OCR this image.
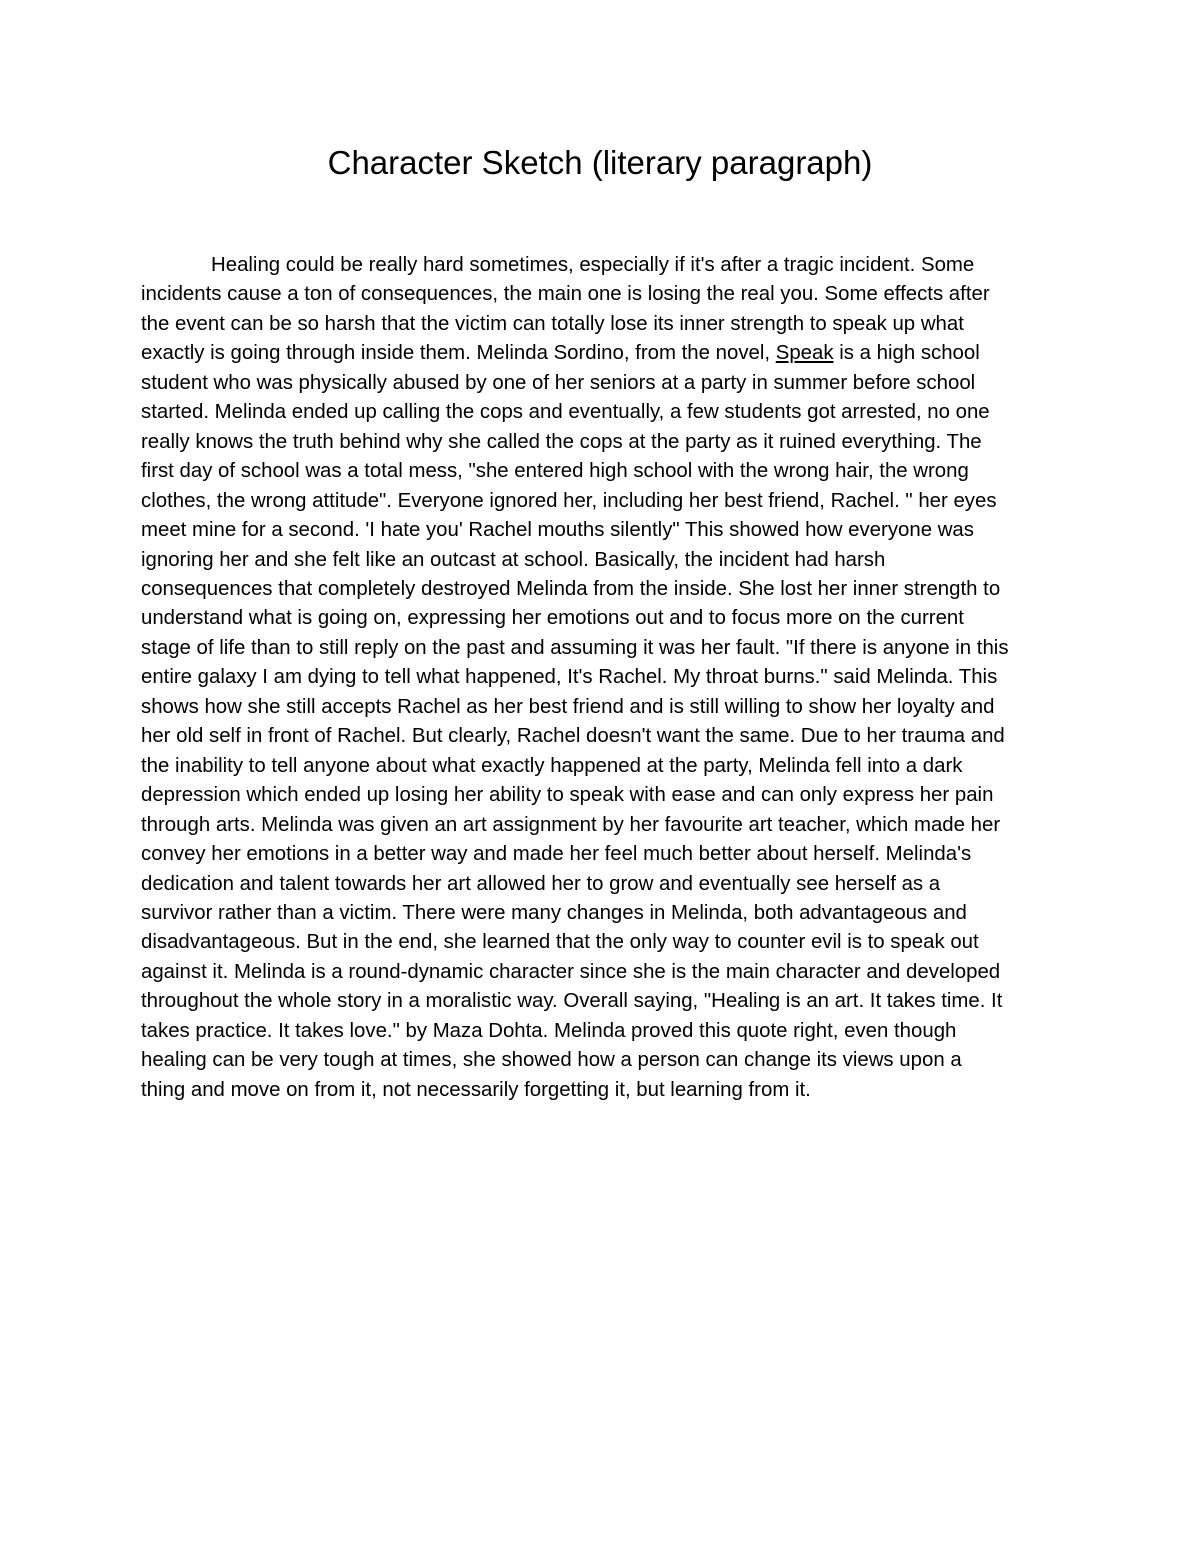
Character Sketch (literary paragraph)
Healing could be really hard sometimes, especially if it's after a tragic incident. Some
incidents cause a ton of consequences, the main one is losing the real you. Some effects after
the event can be so harsh that the victim can totally lose its inner strength to speak up what
exactly is going through inside them. Melinda Sordino, from the novel, Speak is a high school
student who was physically abused by one of her seniors at a party in summer before school
started. Melinda ended up calling the cops and eventually, a few students got arrested, no one
really knows the truth behind why she called the cops at the party as it ruined everything. The
first day of school was a total mess, "she entered high school with the wrong hair, the wrong
clothes, the wrong attitude". Everyone ignored her, including her best friend, Rachel. " her eyes
meet mine for a second. 'I hate you' Rachel mouths silently" This showed how everyone was
ignoring her and she felt like an outcast at school. Basically, the incident had harsh
consequences that completely destroyed Melinda from the inside. She lost her inner strength to
understand what is going on, expressing her emotions out and to focus more on the current
stage of life than to still reply on the past and assuming it was her fault. "If there is anyone in this
entire galaxy I am dying to tell what happened, It's Rachel. My throat burns." said Melinda. This
shows how she still accepts Rachel as her best friend and is still willing to show her loyalty and
her old self in front of Rachel. But clearly, Rachel doesn't want the same. Due to her trauma and
the inability to tell anyone about what exactly happened at the party, Melinda fell into a dark
depression which ended up losing her ability to speak with ease and can only express her pain
through arts. Melinda was given an art assignment by her favourite art teacher, which made her
convey her emotions in a better way and made her feel much better about herself. Melinda's
dedication and talent towards her art allowed her to grow and eventually see herself as a
survivor rather than a victim. There were many changes in Melinda, both advantageous and
disadvantageous. But in the end, she learned that the only way to counter evil is to speak out
against it. Melinda is a round-dynamic character since she is the main character and developed
throughout the whole story in a moralistic way. Overall saying, "Healing is an art. It takes time. It
takes practice. It takes love." by Maza Dohta. Melinda proved this quote right, even though
healing can be very tough at times, she showed how a person can change its views upon a
thing and move on from it, not necessarily forgetting it, but learning from it.
